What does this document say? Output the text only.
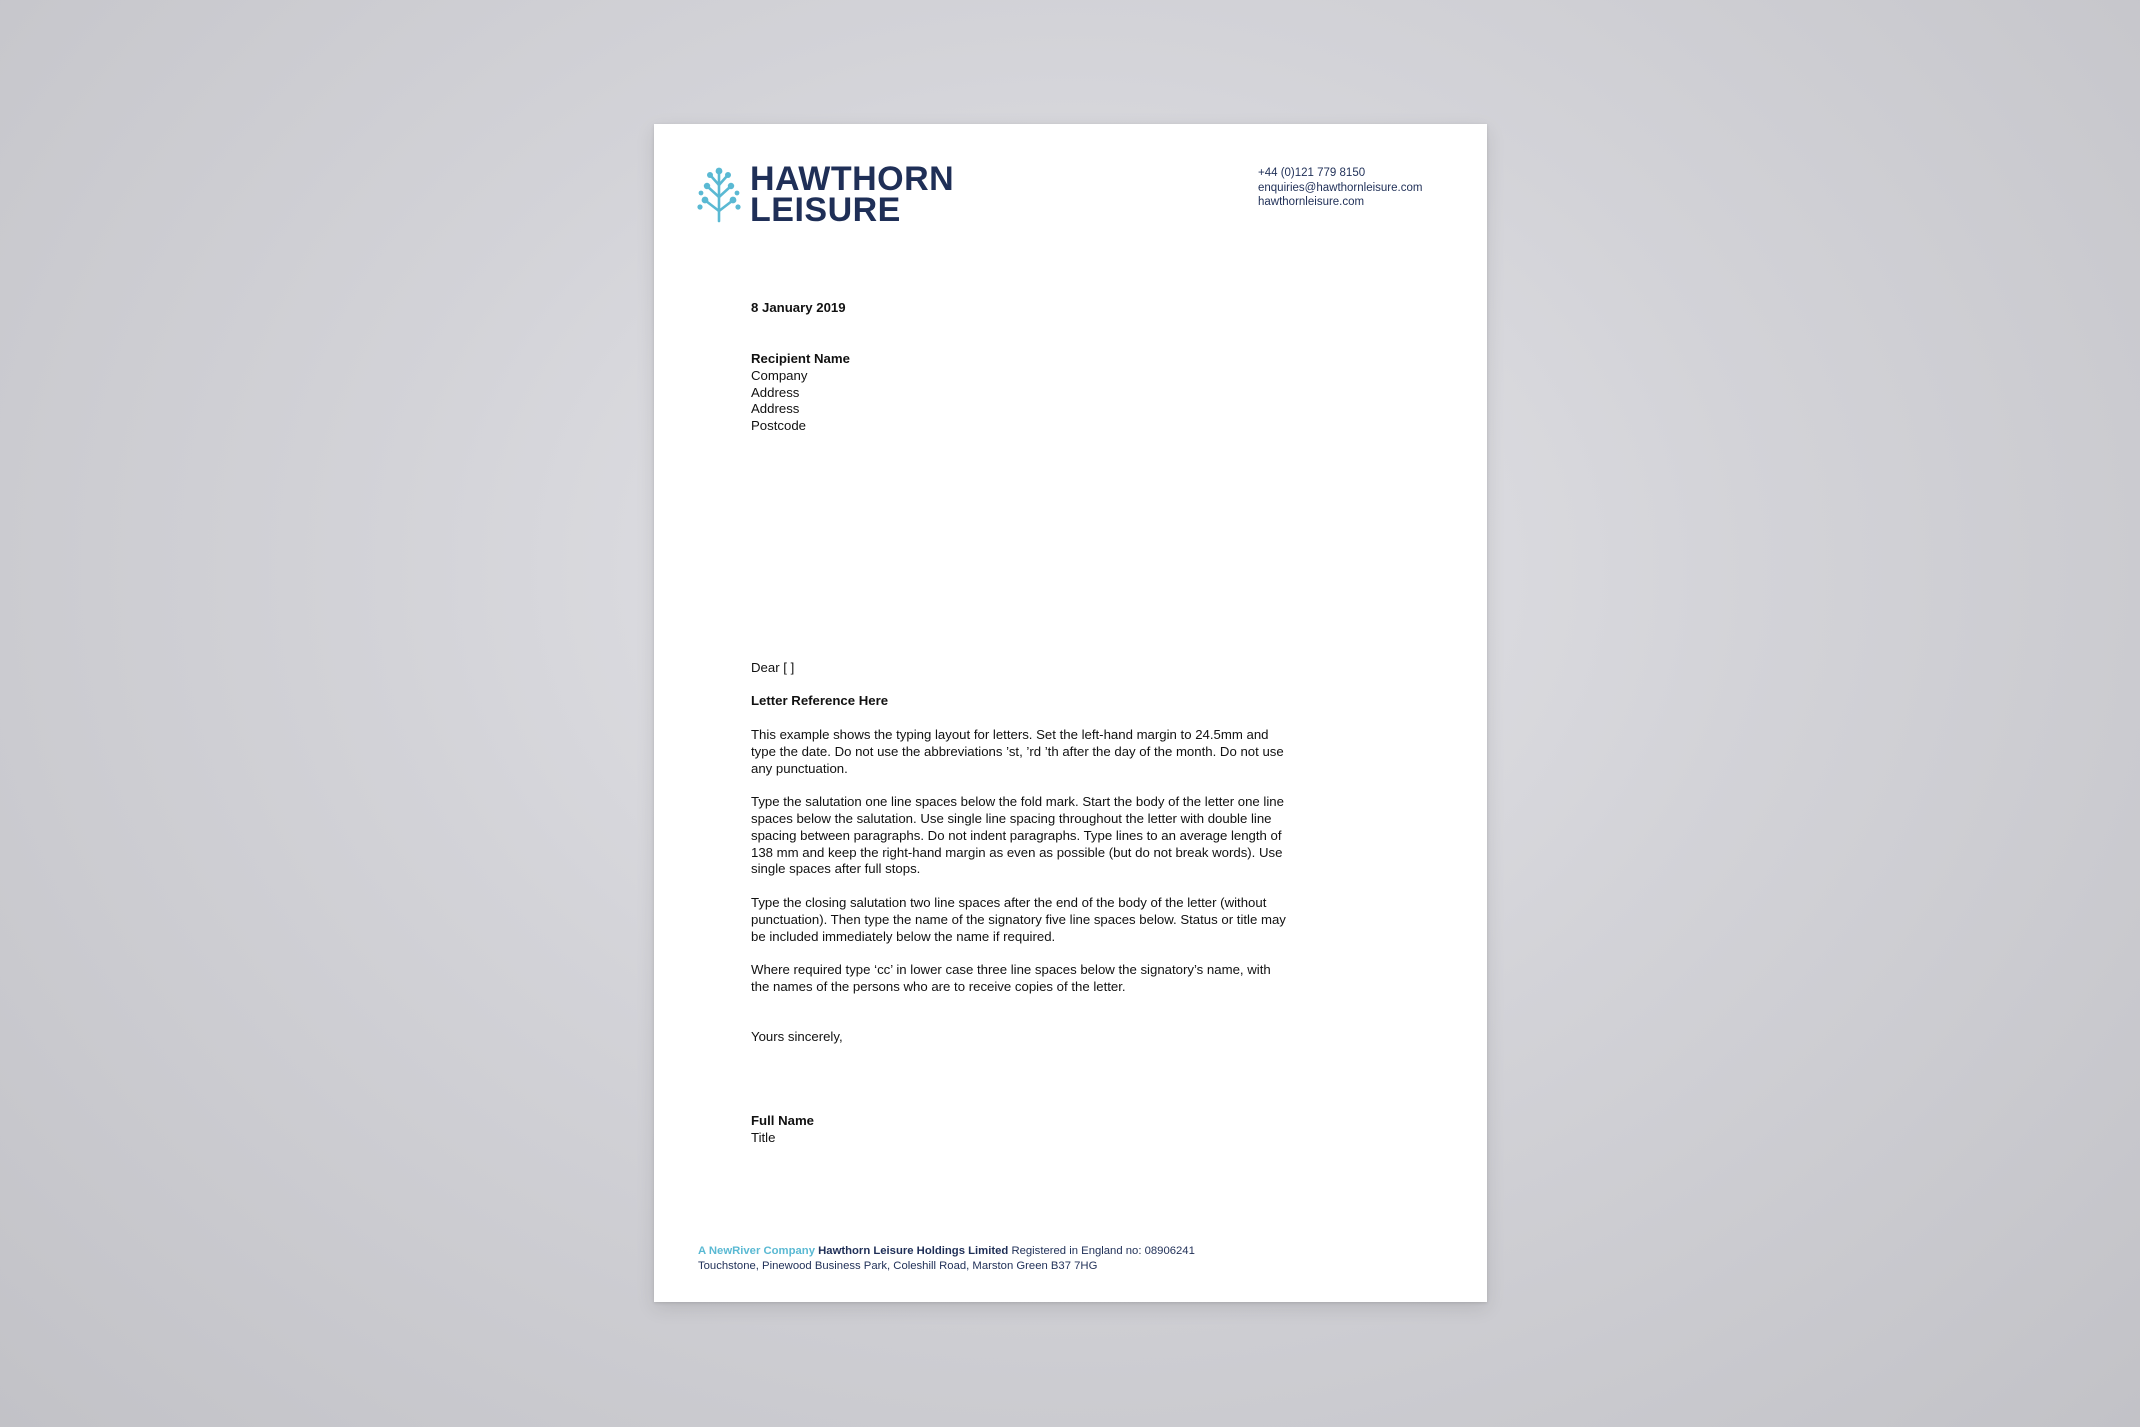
HAWTHORN
LEISURE
+44 (0)121 779 8150
enquiries@hawthornleisure.com
hawthornleisure.com
8 January 2019
Recipient Name
Company
Address
Address
Postcode
Dear [ ]
Letter Reference Here

This example shows the typing layout for letters. Set the left-hand margin to 24.5mm and type the date. Do not use the abbreviations ’st, ’rd ’th after the day of the month. Do not use any punctuation.

Type the salutation one line spaces below the fold mark. Start the body of the letter one line spaces below the salutation. Use single line spacing throughout the letter with double line spacing between paragraphs. Do not indent paragraphs. Type lines to an average length of 138 mm and keep the right-hand margin as even as possible (but do not break words). Use single spaces after full stops.

Type the closing salutation two line spaces after the end of the body of the letter (without punctuation). Then type the name of the signatory five line spaces below. Status or title may be included immediately below the name if required.

Where required type ‘cc’ in lower case three line spaces below the signatory’s name, with the names of the persons who are to receive copies of the letter.

Yours sincerely,
Full Name
Title
A NewRiver Company Hawthorn Leisure Holdings Limited Registered in England no: 08906241
Touchstone, Pinewood Business Park, Coleshill Road, Marston Green B37 7HG
